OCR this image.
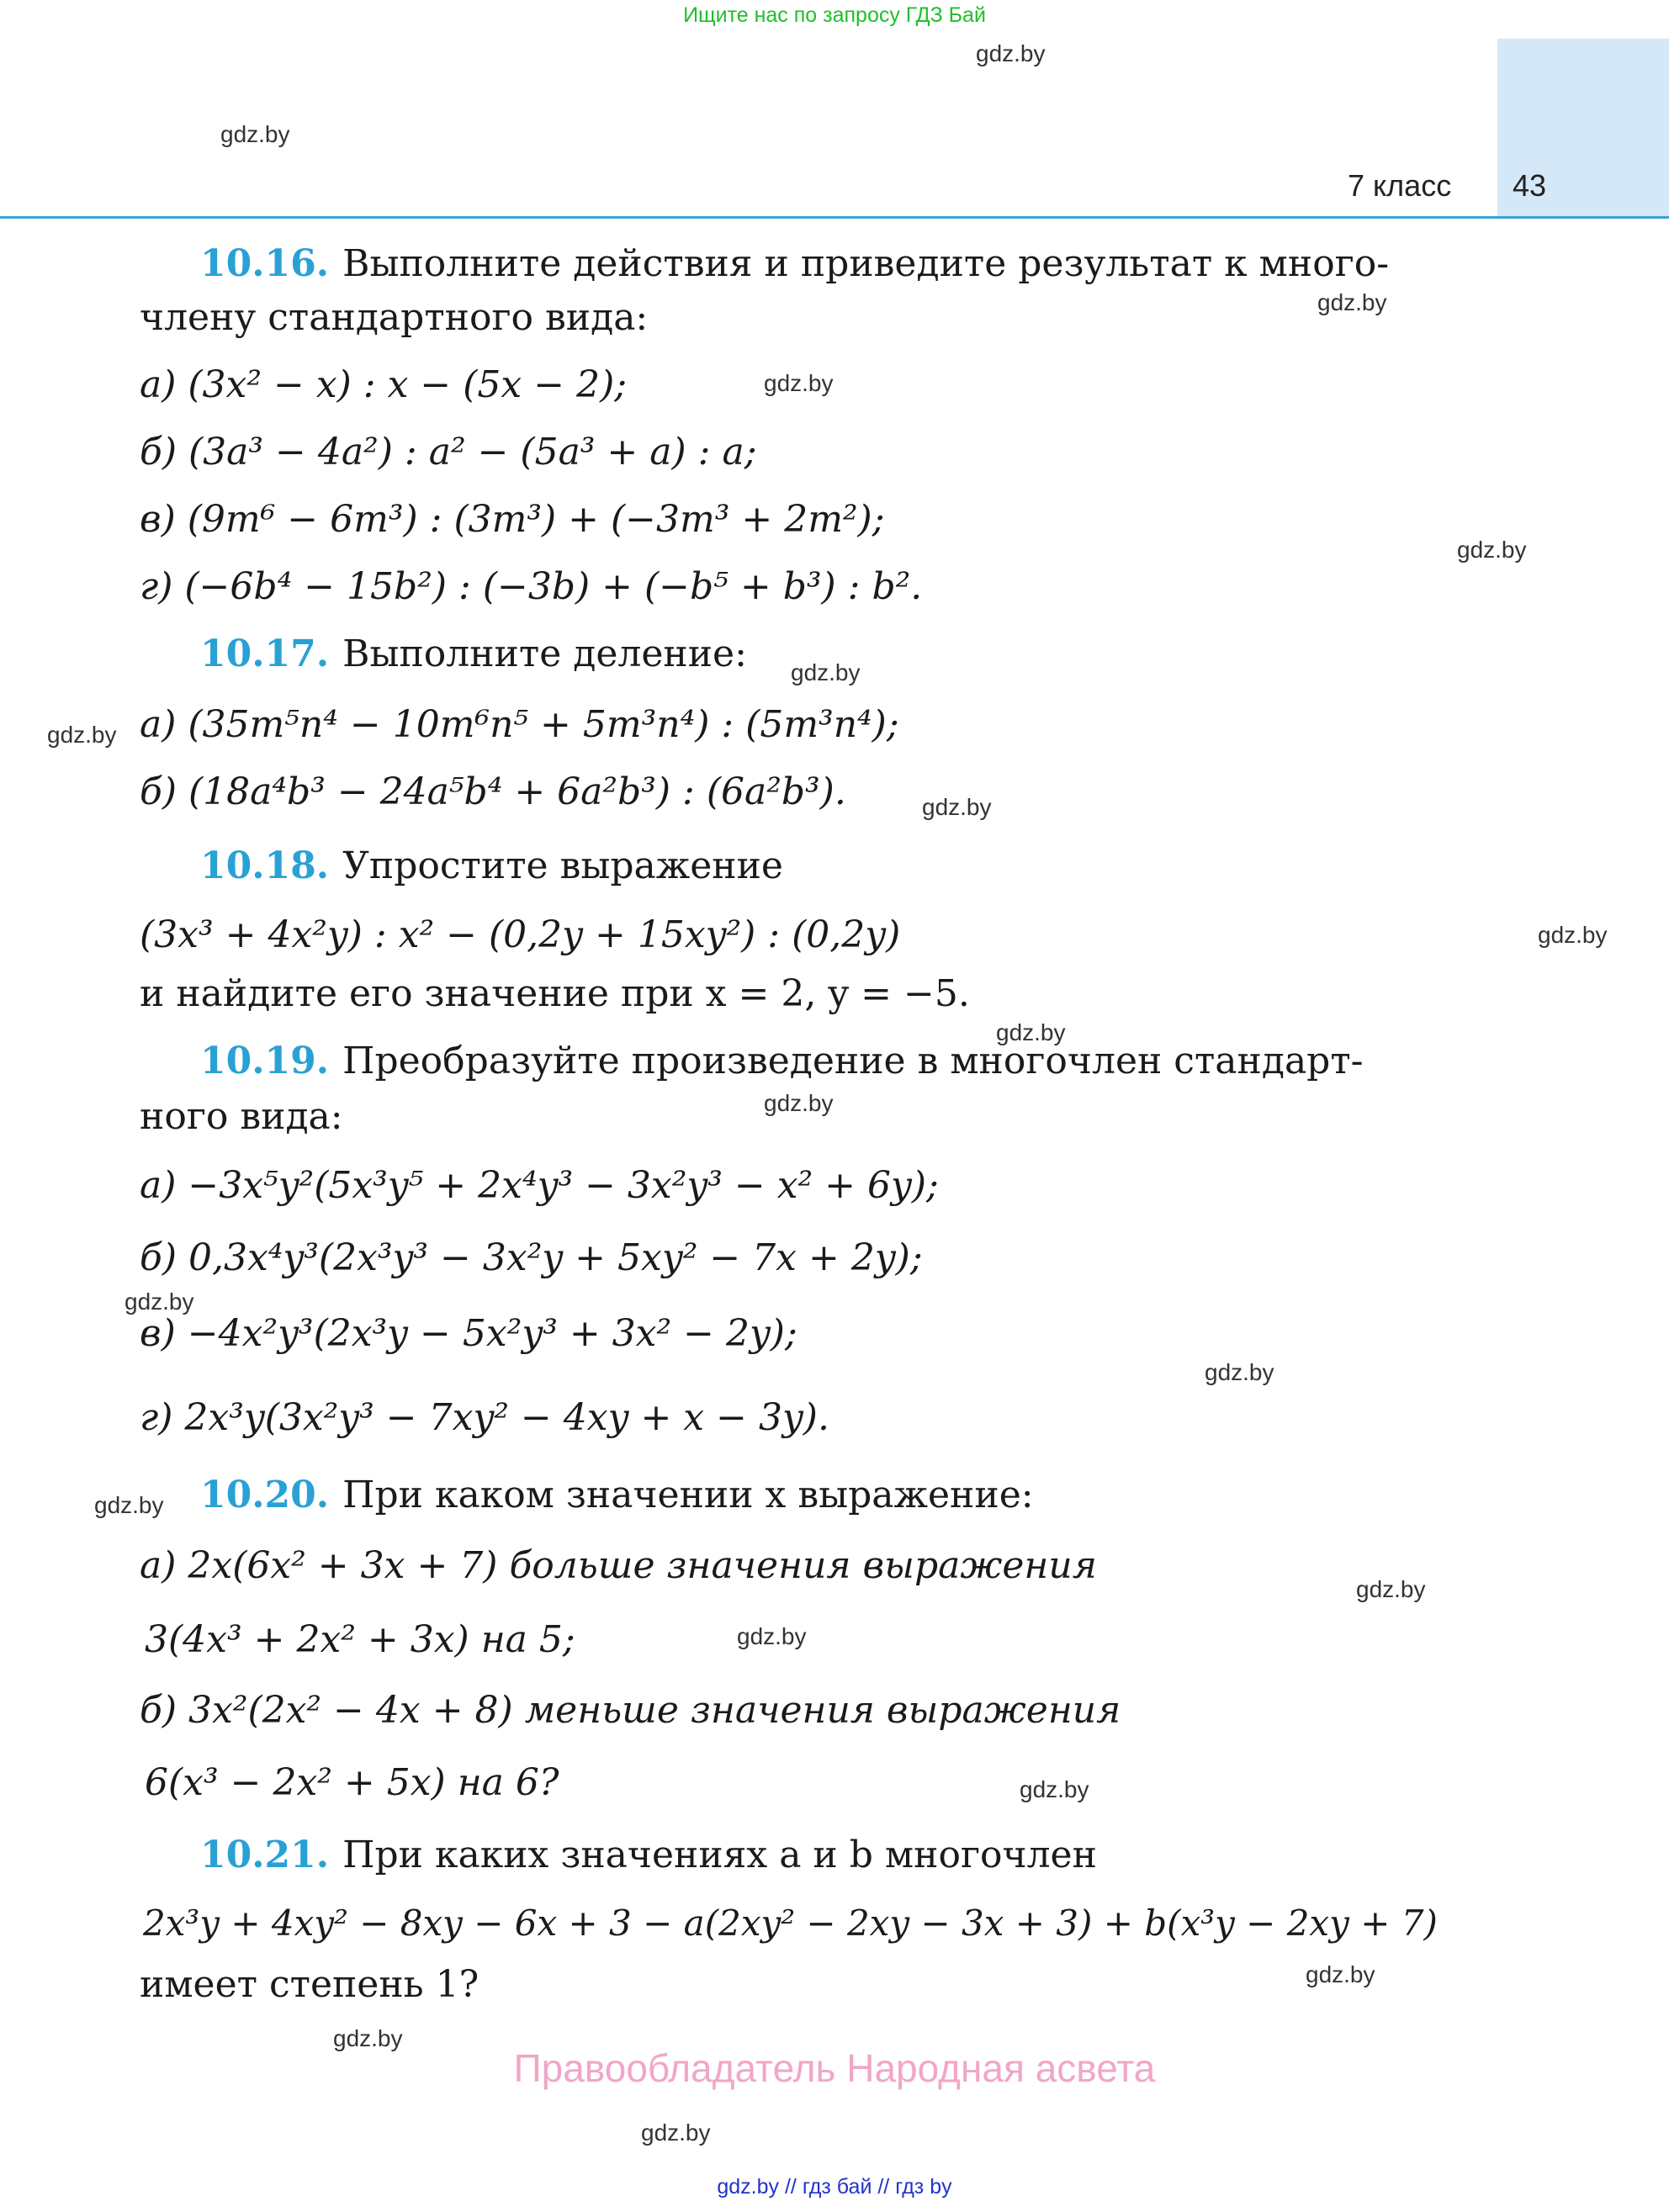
Ищите нас по запросу ГДЗ Бай
7 класс 43
gdz.by
gdz.by
gdz.by
gdz.by
gdz.by
gdz.by
gdz.by
gdz.by
gdz.by
gdz.by
gdz.by
gdz.by
gdz.by
gdz.by
gdz.by
gdz.by
gdz.by
gdz.by
gdz.by
gdz.by
10.16. Выполните действия и приведите результат к много-
члену стандартного вида:
а) (3x² − x) : x − (5x − 2);
б) (3a³ − 4a²) : a² − (5a³ + a) : a;
в) (9m⁶ − 6m³) : (3m³) + (−3m³ + 2m²);
г) (−6b⁴ − 15b²) : (−3b) + (−b⁵ + b³) : b².
10.17. Выполните деление:
а) (35m⁵n⁴ − 10m⁶n⁵ + 5m³n⁴) : (5m³n⁴);
б) (18a⁴b³ − 24a⁵b⁴ + 6a²b³) : (6a²b³).
10.18. Упростите выражение
(3x³ + 4x²y) : x² − (0,2y + 15xy²) : (0,2y)
и найдите его значение при x = 2, y = −5.
10.19. Преобразуйте произведение в многочлен стандарт-
ного вида:
а) −3x⁵y²(5x³y⁵ + 2x⁴y³ − 3x²y³ − x² + 6y);
б) 0,3x⁴y³(2x³y³ − 3x²y + 5xy² − 7x + 2y);
в) −4x²y³(2x³y − 5x²y³ + 3x² − 2y);
г) 2x³y(3x²y³ − 7xy² − 4xy + x − 3y).
10.20. При каком значении x выражение:
а) 2x(6x² + 3x + 7) больше значения выражения
3(4x³ + 2x² + 3x) на 5;
б) 3x²(2x² − 4x + 8) меньше значения выражения
6(x³ − 2x² + 5x) на 6?
10.21. При каких значениях a и b многочлен
2x³y + 4xy² − 8xy − 6x + 3 − a(2xy² − 2xy − 3x + 3) + b(x³y − 2xy + 7)
имеет степень 1?
Правообладатель Народная асвета
gdz.by // гдз бай // гдз by
